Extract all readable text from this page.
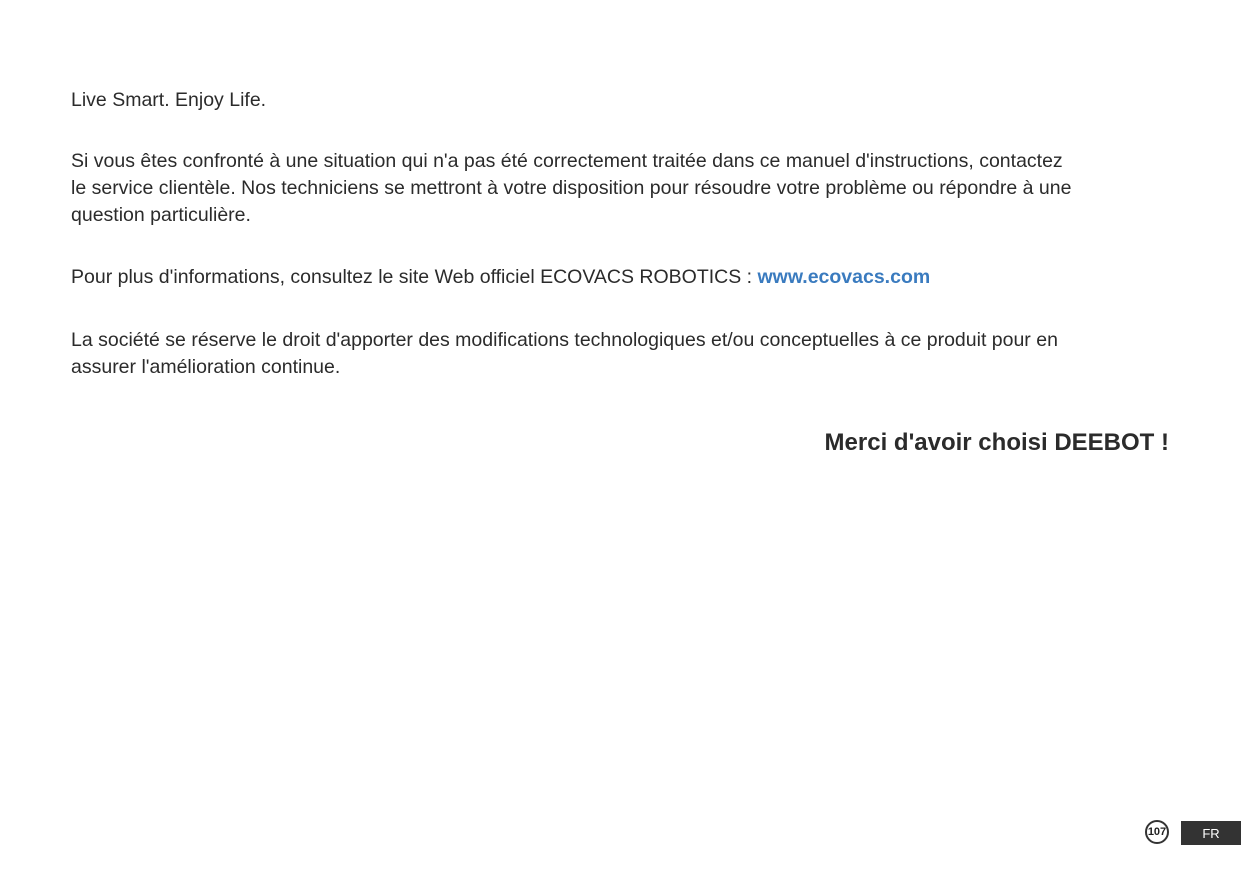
Live Smart. Enjoy Life.
Si vous êtes confronté à une situation qui n'a pas été correctement traitée dans ce manuel d'instructions, contactez
le service clientèle. Nos techniciens se mettront à votre disposition pour résoudre votre problème ou répondre à une
question particulière.
Pour plus d'informations, consultez le site Web officiel ECOVACS ROBOTICS : www.ecovacs.com
La société se réserve le droit d'apporter des modifications technologiques et/ou conceptuelles à ce produit pour en
assurer l'amélioration continue.
Merci d'avoir choisi DEEBOT !
107	FR
